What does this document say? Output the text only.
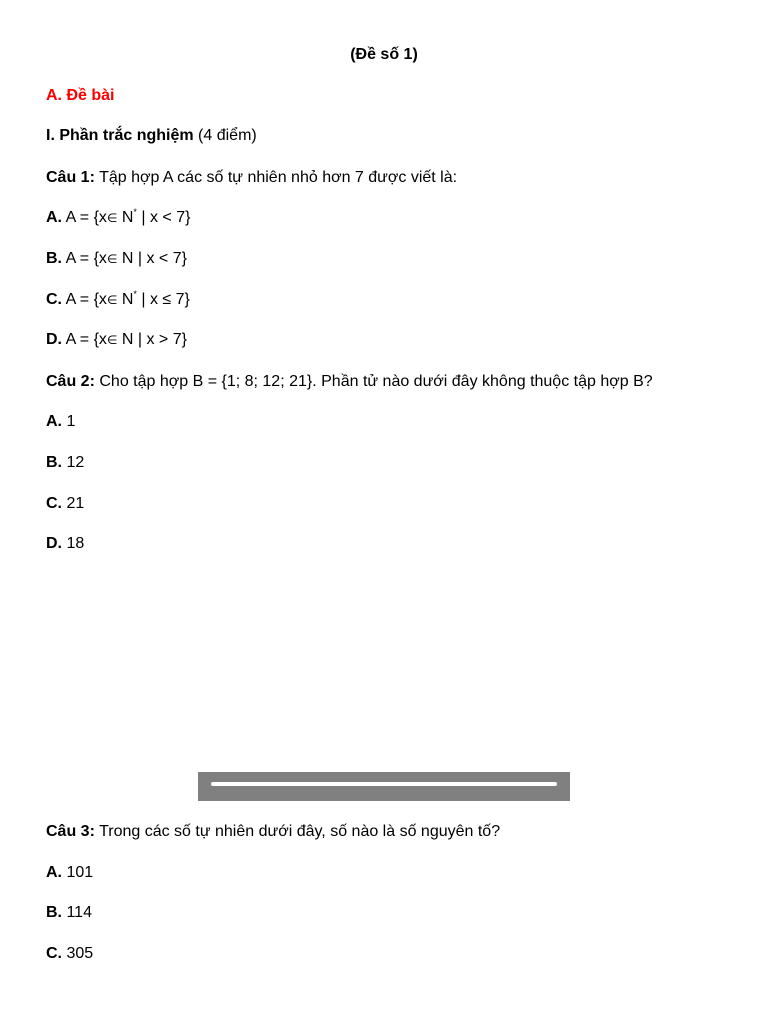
(Đề số 1)
A. Đề bài
I. Phần trắc nghiệm (4 điểm)
Câu 1: Tập hợp A các số tự nhiên nhỏ hơn 7 được viết là:
A. A = {x∈ N* | x < 7}
B. A = {x∈ N | x < 7}
C. A = {x∈ N* | x ≤ 7}
D. A = {x∈ N | x > 7}
Câu 2: Cho tập hợp B = {1; 8; 12; 21}. Phần tử nào dưới đây không thuộc tập hợp B?
A. 1
B. 12
C. 21
D. 18
Câu 3: Trong các số tự nhiên dưới đây, số nào là số nguyên tố?
A. 101
B. 114
C. 305
